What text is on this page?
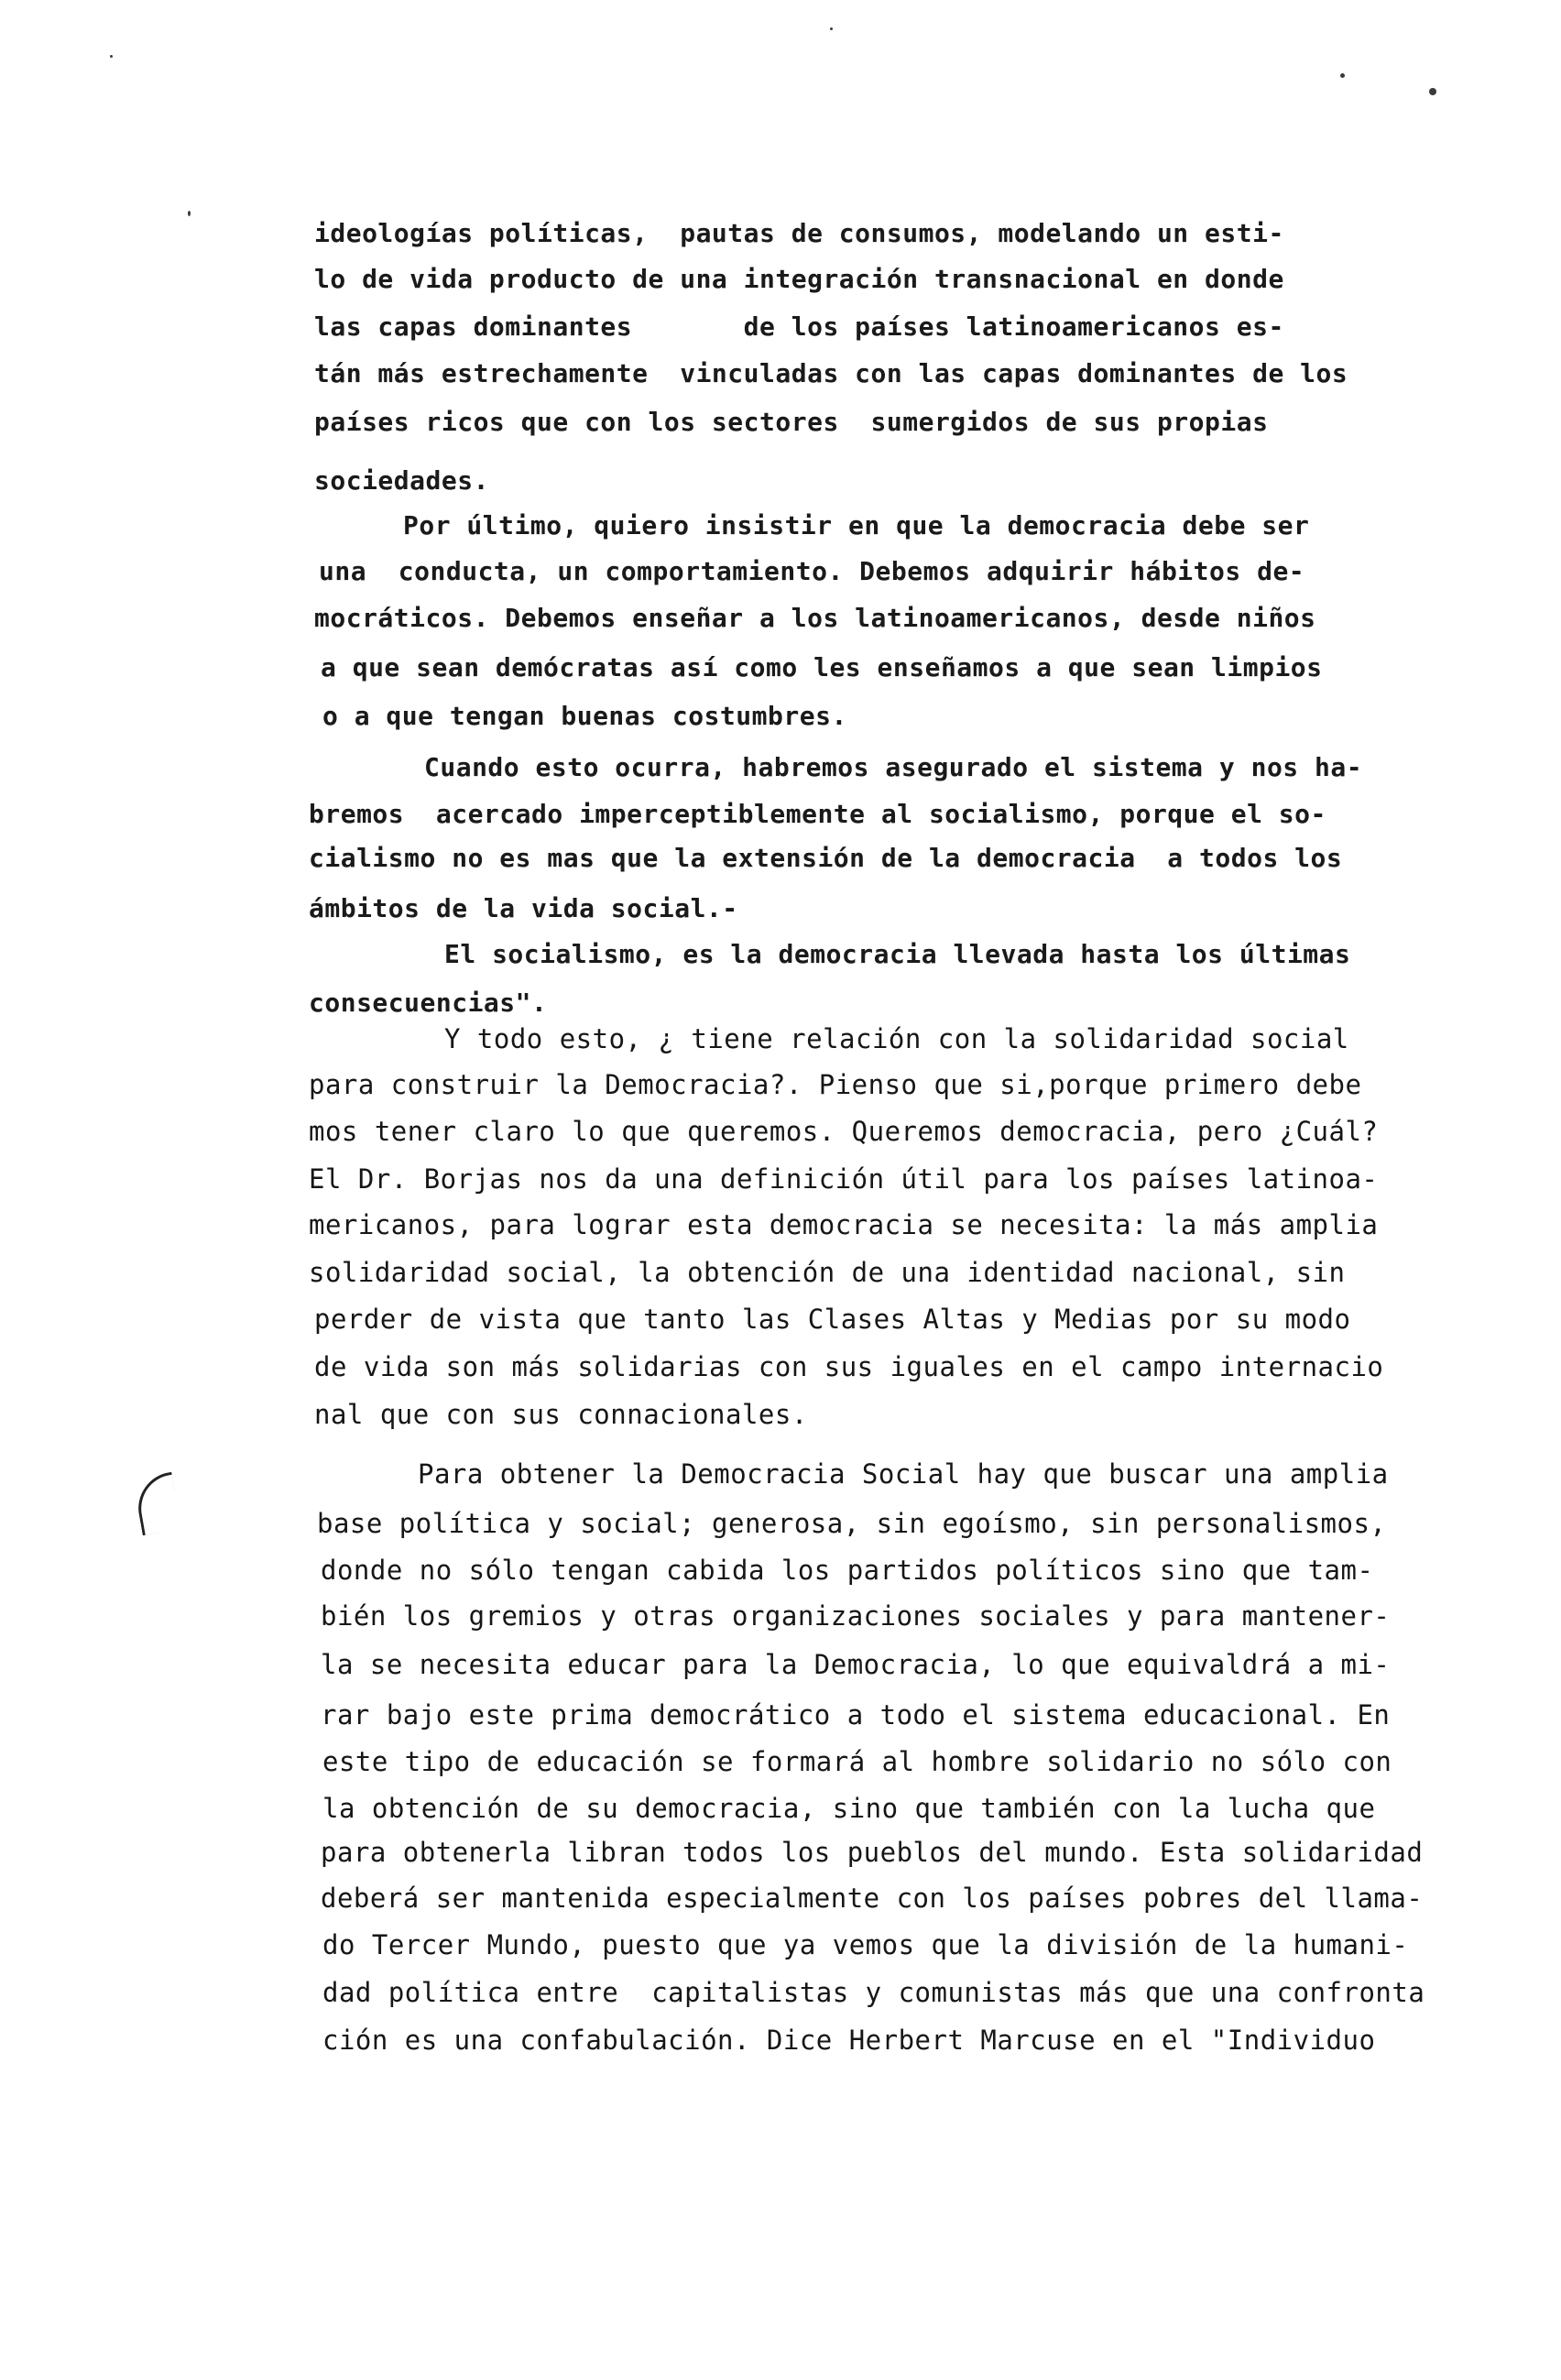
ideologías políticas,  pautas de consumos, modelando un esti-
lo de vida producto de una integración transnacional en donde
las capas dominantes       de los países latinoamericanos es-
tán más estrechamente  vinculadas con las capas dominantes de los
países ricos que con los sectores  sumergidos de sus propias
sociedades.
Por último, quiero insistir en que la democracia debe ser
una  conducta, un comportamiento. Debemos adquirir hábitos de-
mocráticos. Debemos enseñar a los latinoamericanos, desde niños
a que sean demócratas así como les enseñamos a que sean limpios
o a que tengan buenas costumbres.
Cuando esto ocurra, habremos asegurado el sistema y nos ha-
bremos  acercado imperceptiblemente al socialismo, porque el so-
cialismo no es mas que la extensión de la democracia  a todos los
ámbitos de la vida social.-
El socialismo, es la democracia llevada hasta los últimas
consecuencias".
Y todo esto, ¿ tiene relación con la solidaridad social
para construir la Democracia?. Pienso que si,porque primero debe
mos tener claro lo que queremos. Queremos democracia, pero ¿Cuál?
El Dr. Borjas nos da una definición útil para los países latinoa-
mericanos, para lograr esta democracia se necesita: la más amplia
solidaridad social, la obtención de una identidad nacional, sin
perder de vista que tanto las Clases Altas y Medias por su modo
de vida son más solidarias con sus iguales en el campo internacio
nal que con sus connacionales.
Para obtener la Democracia Social hay que buscar una amplia
base política y social; generosa, sin egoísmo, sin personalismos,
donde no sólo tengan cabida los partidos políticos sino que tam-
bién los gremios y otras organizaciones sociales y para mantener-
la se necesita educar para la Democracia, lo que equivaldrá a mi-
rar bajo este prima democrático a todo el sistema educacional. En
este tipo de educación se formará al hombre solidario no sólo con
la obtención de su democracia, sino que también con la lucha que
para obtenerla libran todos los pueblos del mundo. Esta solidaridad
deberá ser mantenida especialmente con los países pobres del llama-
do Tercer Mundo, puesto que ya vemos que la división de la humani-
dad política entre  capitalistas y comunistas más que una confronta
ción es una confabulación. Dice Herbert Marcuse en el "Individuo
